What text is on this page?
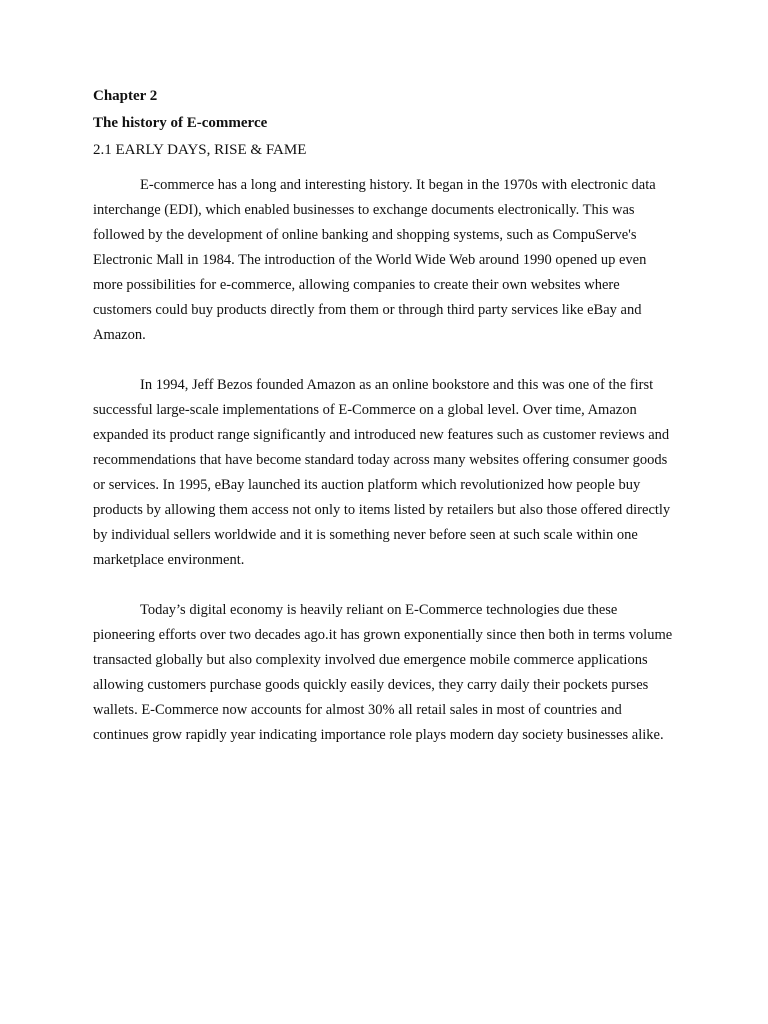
Chapter 2

The history of E-commerce

2.1 EARLY DAYS, RISE & FAME

E-commerce has a long and interesting history. It began in the 1970s with electronic data interchange (EDI), which enabled businesses to exchange documents electronically. This was followed by the development of online banking and shopping systems, such as CompuServe's Electronic Mall in 1984. The introduction of the World Wide Web around 1990 opened up even more possibilities for e-commerce, allowing companies to create their own websites where customers could buy products directly from them or through third party services like eBay and Amazon.

In 1994, Jeff Bezos founded Amazon as an online bookstore and this was one of the first successful large-scale implementations of E-Commerce on a global level. Over time, Amazon expanded its product range significantly and introduced new features such as customer reviews and recommendations that have become standard today across many websites offering consumer goods or services. In 1995, eBay launched its auction platform which revolutionized how people buy products by allowing them access not only to items listed by retailers but also those offered directly by individual sellers worldwide and it is something never before seen at such scale within one marketplace environment.

Today’s digital economy is heavily reliant on E-Commerce technologies due these pioneering efforts over two decades ago.it has grown exponentially since then both in terms volume transacted globally but also complexity involved due emergence mobile commerce applications allowing customers purchase goods quickly easily devices, they carry daily their pockets purses wallets. E-Commerce now accounts for almost 30% all retail sales in most of countries and continues grow rapidly year indicating importance role plays modern day society businesses alike.
